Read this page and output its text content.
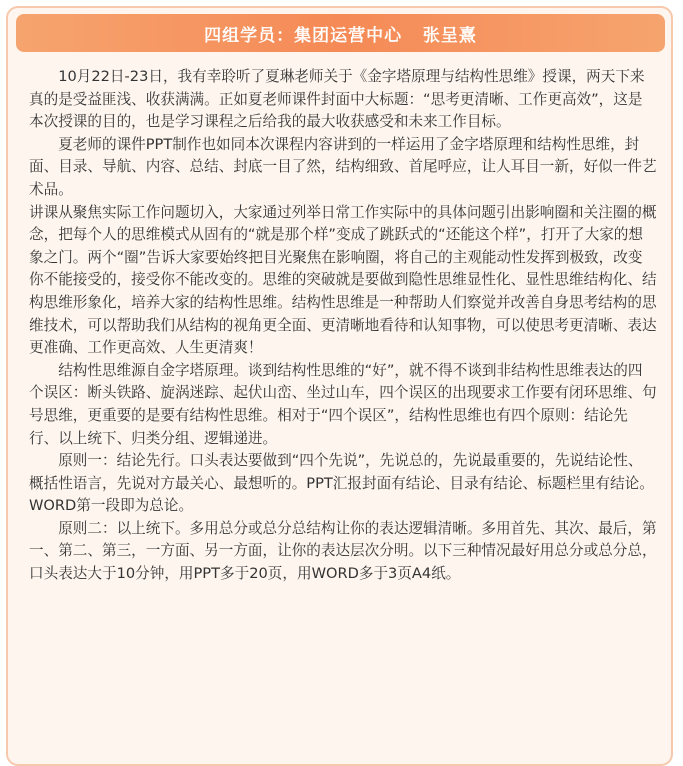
四组学员：集团运营中心   张呈熹

10月22日-23日，我有幸聆听了夏琳老师关于《金字塔原理与结构性思维》授课，两天下来真的是受益匪浅、收获满满。正如夏老师课件封面中大标题：“思考更清晰、工作更高效”，这是本次授课的目的，也是学习课程之后给我的最大收获感受和未来工作目标。

夏老师的课件PPT制作也如同本次课程内容讲到的一样运用了金字塔原理和结构性思维，封面、目录、导航、内容、总结、封底一目了然，结构细致、首尾呼应，让人耳目一新，好似一件艺术品。

讲课从聚焦实际工作问题切入，大家通过列举日常工作实际中的具体问题引出影响圈和关注圈的概念，把每个人的思维模式从固有的“就是那个样”变成了跳跃式的“还能这个样”，打开了大家的想象之门。两个“圈”告诉大家要始终把目光聚焦在影响圈，将自己的主观能动性发挥到极致，改变你不能接受的，接受你不能改变的。思维的突破就是要做到隐性思维显性化、显性思维结构化、结构思维形象化，培养大家的结构性思维。结构性思维是一种帮助人们察觉并改善自身思考结构的思维技术，可以帮助我们从结构的视角更全面、更清晰地看待和认知事物，可以使思考更清晰、表达更准确、工作更高效、人生更清爽！

结构性思维源自金字塔原理。谈到结构性思维的“好”，就不得不谈到非结构性思维表达的四个误区：断头铁路、旋涡迷踪、起伏山峦、坐过山车，四个误区的出现要求工作要有闭环思维、句号思维，更重要的是要有结构性思维。相对于“四个误区”，结构性思维也有四个原则：结论先行、以上统下、归类分组、逻辑递进。

原则一：结论先行。口头表达要做到“四个先说”，先说总的，先说最重要的，先说结论性、概括性语言，先说对方最关心、最想听的。PPT汇报封面有结论、目录有结论、标题栏里有结论。WORD第一段即为总论。

原则二：以上统下。多用总分或总分总结构让你的表达逻辑清晰。多用首先、其次、最后，第一、第二、第三，一方面、另一方面，让你的表达层次分明。以下三种情况最好用总分或总分总，口头表达大于10分钟，用PPT多于20页，用WORD多于3页A4纸。
